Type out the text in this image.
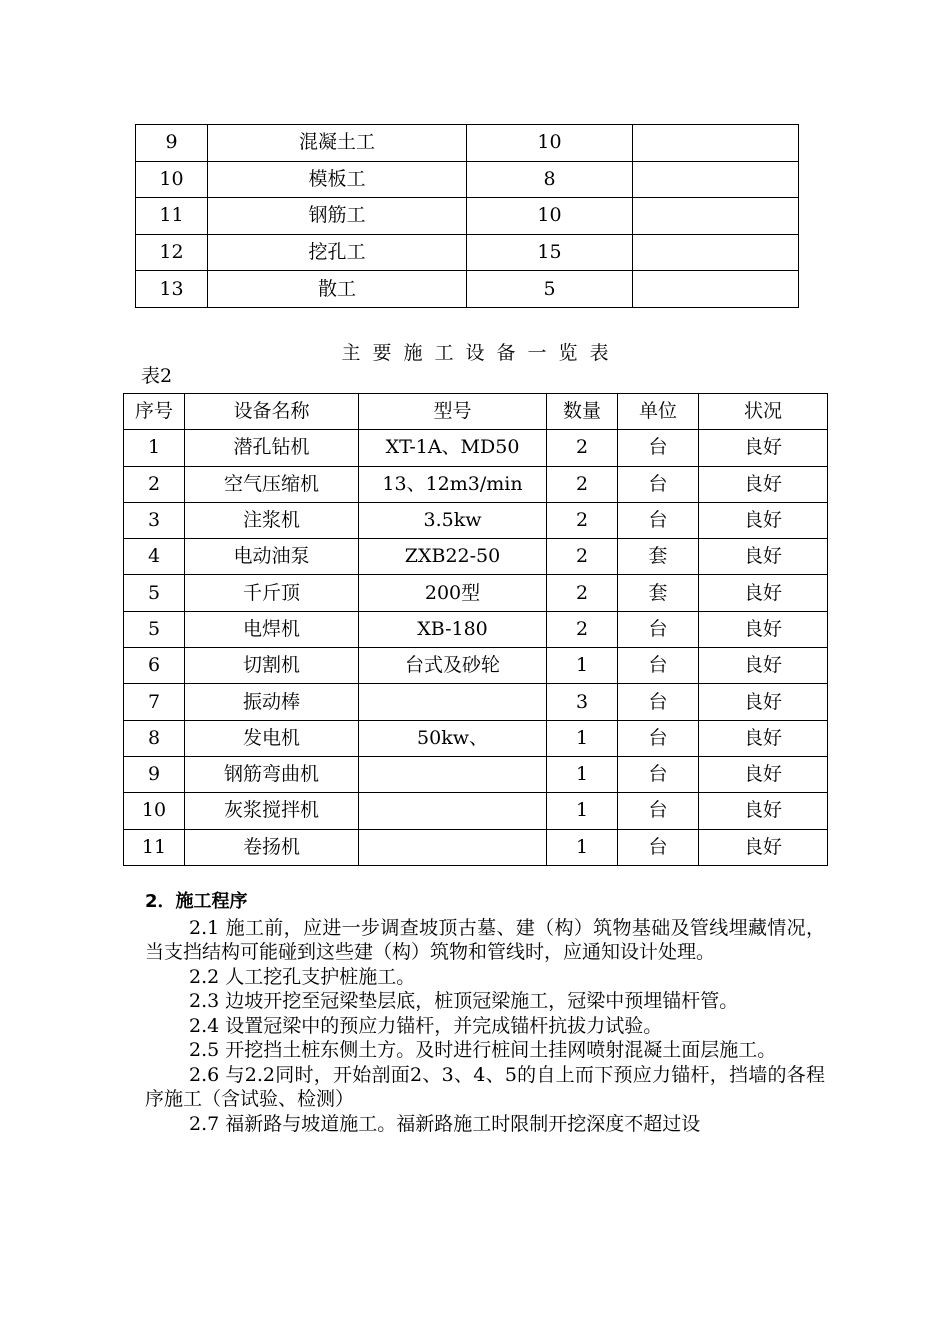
9	混凝土工	10	
10	模板工	8	
11	钢筋工	10	
12	挖孔工	15	
13	散工	5	
主要施工设备一览表
表2
序号	设备名称	型号	数量	单位	状况
1	潜孔钻机	XT-1A、MD50	2	台	良好
2	空气压缩机	13、12m3/min	2	台	良好
3	注浆机	3.5kw	2	台	良好
4	电动油泵	ZXB22-50	2	套	良好
5	千斤顶	200型	2	套	良好
5	电焊机	XB-180	2	台	良好
6	切割机	台式及砂轮	1	台	良好
7	振动棒		3	台	良好
8	发电机	50kw、	1	台	良好
9	钢筋弯曲机		1	台	良好
10	灰浆搅拌机		1	台	良好
11	卷扬机		1	台	良好

2．施工程序

2.1 施工前，应进一步调查坡顶古墓、建（构）筑物基础及管线埋藏情况，当支挡结构可能碰到这些建（构）筑物和管线时，应通知设计处理。

2.2 人工挖孔支护桩施工。

2.3 边坡开挖至冠梁垫层底，桩顶冠梁施工，冠梁中预埋锚杆管。

2.4 设置冠梁中的预应力锚杆，并完成锚杆抗拔力试验。

2.5 开挖挡土桩东侧土方。及时进行桩间土挂网喷射混凝土面层施工。

2.6 与2.2同时，开始剖面2、3、4、5的自上而下预应力锚杆，挡墙的各程序施工（含试验、检测）

2.7 福新路与坡道施工。福新路施工时限制开挖深度不超过设
